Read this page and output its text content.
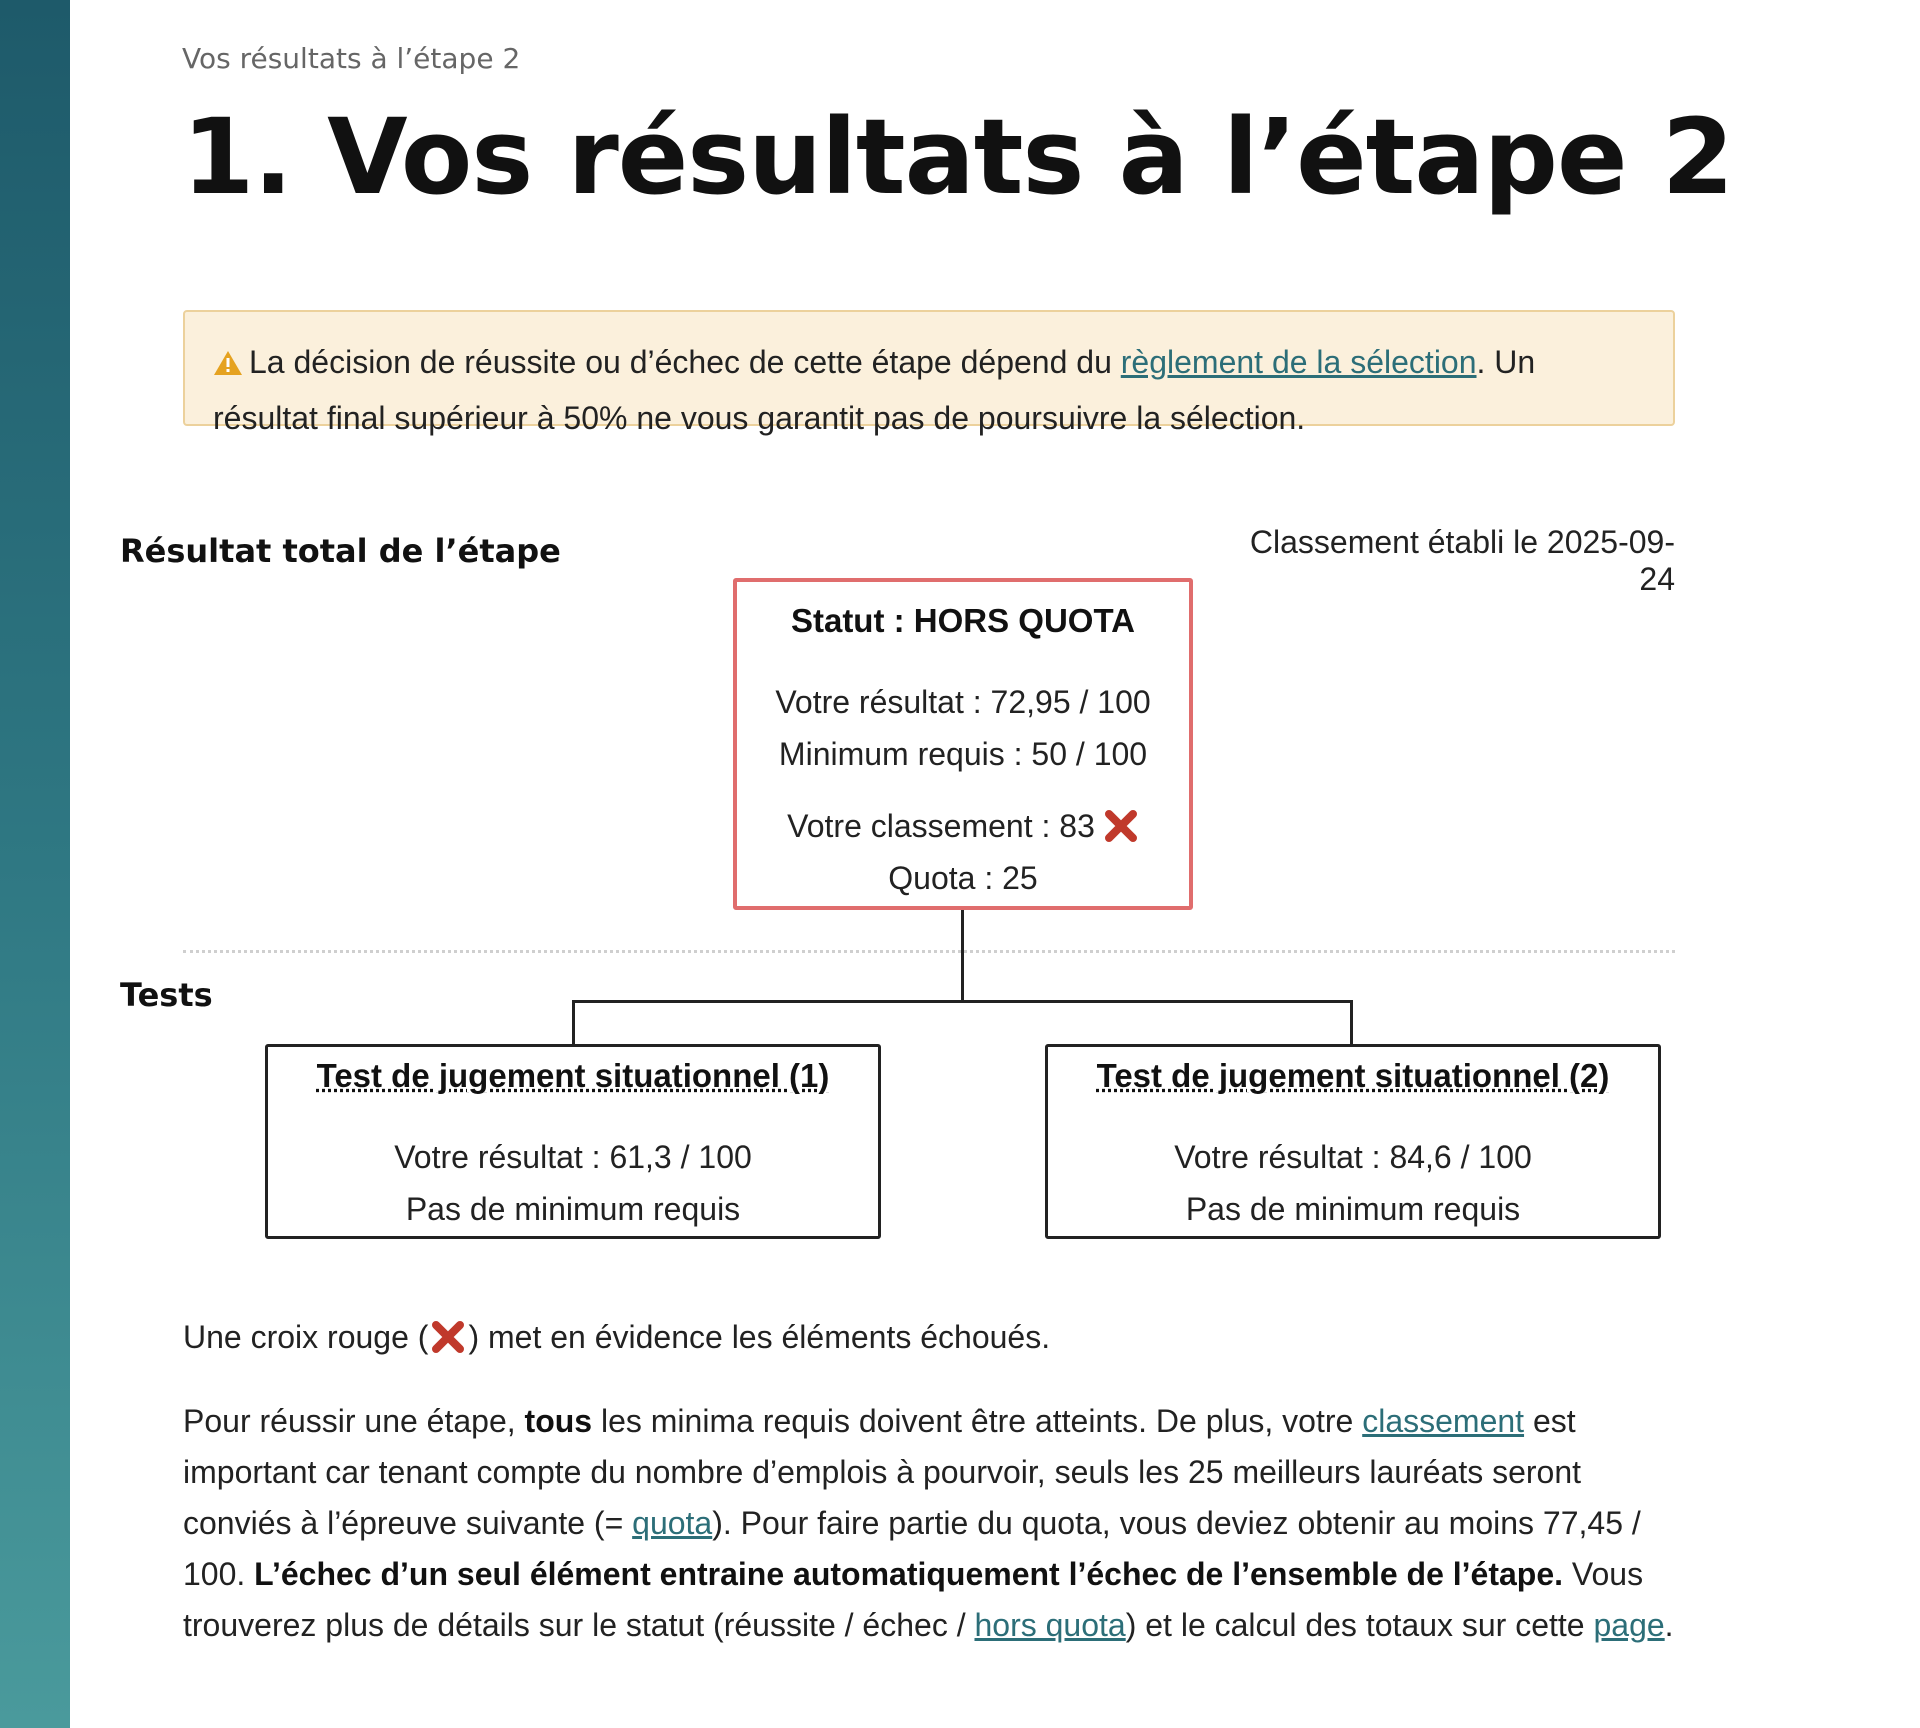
Vos résultats à l’étape 2
1. Vos résultats à l’étape 2
La décision de réussite ou d’échec de cette étape dépend du règlement de la sélection. Un résultat final supérieur à 50% ne vous garantit pas de poursuivre la sélection.
Résultat total de l’étape	Classement établi le 2025-09-24
Statut : HORS QUOTA
Votre résultat : 72,95 / 100
Minimum requis : 50 / 100
Votre classement : 83
Quota : 25
Tests
Test de jugement situationnel (1)
Votre résultat : 61,3 / 100
Pas de minimum requis
Test de jugement situationnel (2)
Votre résultat : 84,6 / 100
Pas de minimum requis

Une croix rouge ( ) met en évidence les éléments échoués.

Pour réussir une étape, tous les minima requis doivent être atteints. De plus, votre classement est important car tenant compte du nombre d’emplois à pourvoir, seuls les 25 meilleurs lauréats seront conviés à l’épreuve suivante (= quota). Pour faire partie du quota, vous deviez obtenir au moins 77,45 / 100. L’échec d’un seul élément entraine automatiquement l’échec de l’ensemble de l’étape. Vous trouverez plus de détails sur le statut (réussite / échec / hors quota) et le calcul des totaux sur cette page.
